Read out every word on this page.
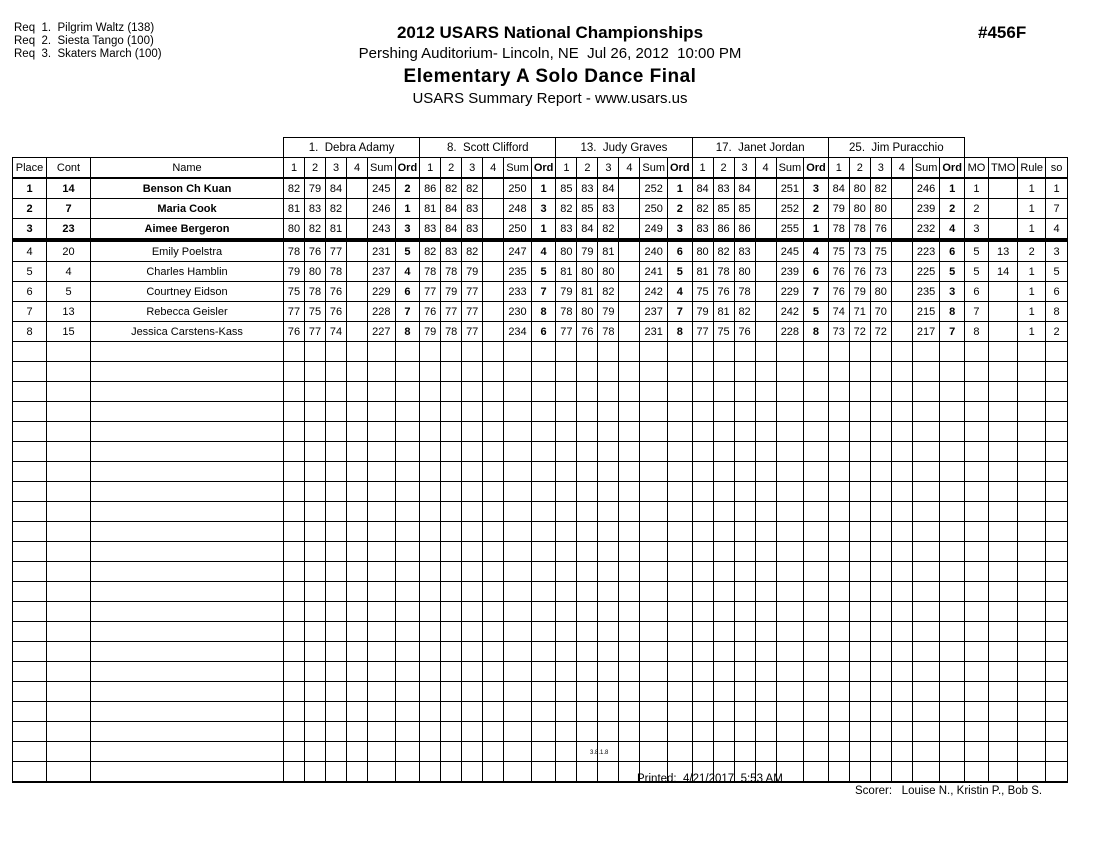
Req  1.  Pilgrim Waltz (138)
Req  2.  Siesta Tango (100)
Req  3.  Skaters March (100)
2012 USARS National Championships
Pershing Auditorium- Lincoln, NE  Jul 26, 2012  10:00 PM
Elementary A Solo Dance Final
USARS Summary Report - www.usars.us
#456F
			1.  Debra Adamy						8.  Scott Clifford						13.  Judy Graves						17.  Janet Jordan						25.  Jim Puracchio									
Place	Cont	Name	1	2	3	4	Sum	Ord	1	2	3	4	Sum	Ord	1	2	3	4	Sum	Ord	1	2	3	4	Sum	Ord	1	2	3	4	Sum	Ord	MO	TMO	Rule	so
1	14	Benson Ch Kuan	82	79	84		245	2	86	82	82		250	1	85	83	84		252	1	84	83	84		251	3	84	80	82		246	1	1		1	1
2	7	Maria Cook	81	83	82		246	1	81	84	83		248	3	82	85	83		250	2	82	85	85		252	2	79	80	80		239	2	2		1	7
3	23	Aimee Bergeron	80	82	81		243	3	83	84	83		250	1	83	84	82		249	3	83	86	86		255	1	78	78	76		232	4	3		1	4
4	20	Emily Poelstra	78	76	77		231	5	82	83	82		247	4	80	79	81		240	6	80	82	83		245	4	75	73	75		223	6	5	13	2	3
5	4	Charles Hamblin	79	80	78		237	4	78	78	79		235	5	81	80	80		241	5	81	78	80		239	6	76	76	73		225	5	5	14	1	5
6	5	Courtney Eidson	75	78	76		229	6	77	79	77		233	7	79	81	82		242	4	75	76	78		229	7	76	79	80		235	3	6		1	6
7	13	Rebecca Geisler	77	75	76		228	7	76	77	77		230	8	78	80	79		237	7	79	81	82		242	5	74	71	70		215	8	7		1	8
8	15	Jessica Carstens-Kass	76	77	74		227	8	79	78	77		234	6	77	76	78		231	8	77	75	76		228	8	73	72	72		217	7	8		1	2

3.8.1.8

Printed: 4/21/2017  5:53 AM

Scorer: Louise N., Kristin P., Bob S.
